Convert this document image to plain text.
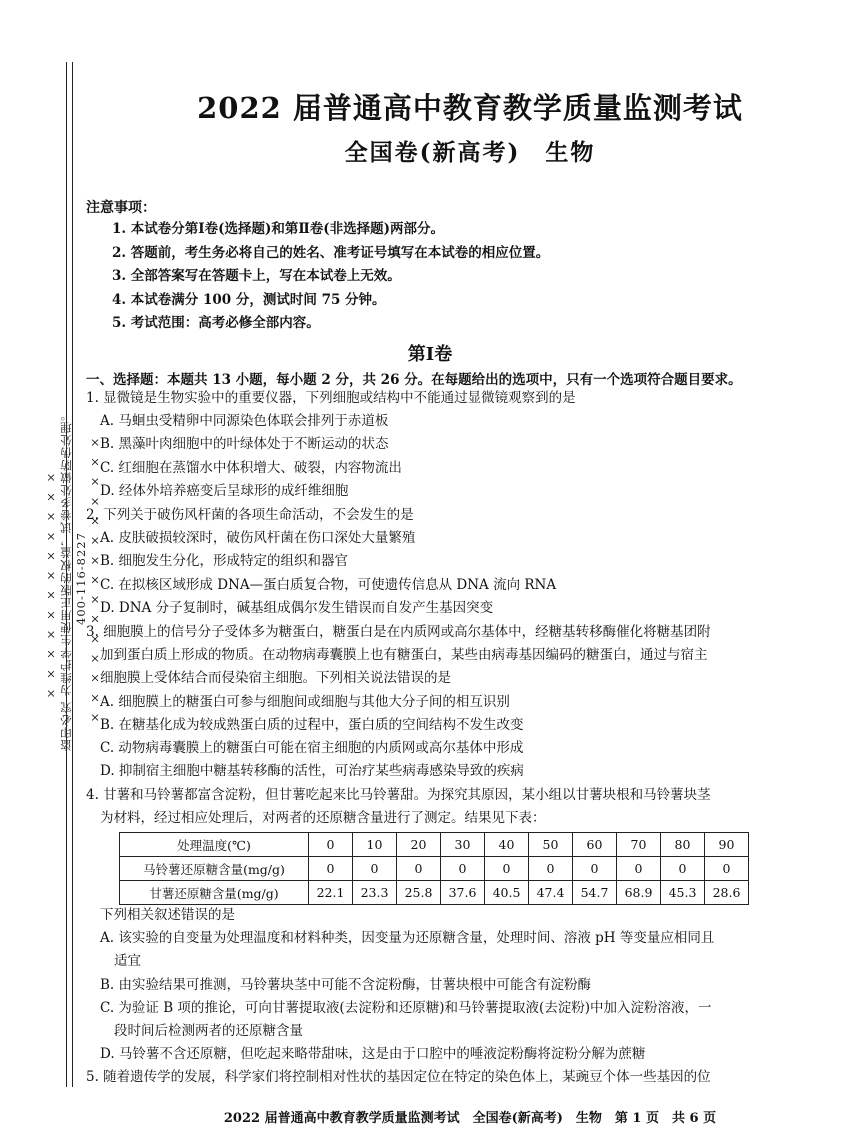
× × × × × × × × × × × × 盗印必究 为维护学生使用正版的权益，试卷多处做防伪处理。 400-116-8227 × × × × × × × × × × × × × × ×
2022 届普通高中教育教学质量监测考试
全国卷(新高考)　生物
注意事项：
1. 本试卷分第Ⅰ卷(选择题)和第Ⅱ卷(非选择题)两部分。
2. 答题前，考生务必将自己的姓名、准考证号填写在本试卷的相应位置。
3. 全部答案写在答题卡上，写在本试卷上无效。
4. 本试卷满分 100 分，测试时间 75 分钟。
5. 考试范围：高考必修全部内容。
第Ⅰ卷
一、选择题：本题共 13 小题，每小题 2 分，共 26 分。在每题给出的选项中，只有一个选项符合题目要求。
1. 显微镜是生物实验中的重要仪器，下列细胞或结构中不能通过显微镜观察到的是
A. 马蛔虫受精卵中同源染色体联会排列于赤道板
B. 黑藻叶肉细胞中的叶绿体处于不断运动的状态
C. 红细胞在蒸馏水中体积增大、破裂，内容物流出
D. 经体外培养癌变后呈球形的成纤维细胞
2. 下列关于破伤风杆菌的各项生命活动，不会发生的是
A. 皮肤破损较深时，破伤风杆菌在伤口深处大量繁殖
B. 细胞发生分化，形成特定的组织和器官
C. 在拟核区域形成 DNA—蛋白质复合物，可使遗传信息从 DNA 流向 RNA
D. DNA 分子复制时，碱基组成偶尔发生错误而自发产生基因突变
3. 细胞膜上的信号分子受体多为糖蛋白，糖蛋白是在内质网或高尔基体中，经糖基转移酶催化将糖基团附
加到蛋白质上形成的物质。在动物病毒囊膜上也有糖蛋白，某些由病毒基因编码的糖蛋白，通过与宿主
细胞膜上受体结合而侵染宿主细胞。下列相关说法错误的是
A. 细胞膜上的糖蛋白可参与细胞间或细胞与其他大分子间的相互识别
B. 在糖基化成为较成熟蛋白质的过程中，蛋白质的空间结构不发生改变
C. 动物病毒囊膜上的糖蛋白可能在宿主细胞的内质网或高尔基体中形成
D. 抑制宿主细胞中糖基转移酶的活性，可治疗某些病毒感染导致的疾病
4. 甘薯和马铃薯都富含淀粉，但甘薯吃起来比马铃薯甜。为探究其原因，某小组以甘薯块根和马铃薯块茎
为材料，经过相应处理后，对两者的还原糖含量进行了测定。结果见下表：
处理温度(℃)	0	10	20	30	40	50	60	70	80	90
马铃薯还原糖含量(mg/g)	0	0	0	0	0	0	0	0	0	0
甘薯还原糖含量(mg/g)	22.1	23.3	25.8	37.6	40.5	47.4	54.7	68.9	45.3	28.6
下列相关叙述错误的是
A. 该实验的自变量为处理温度和材料种类，因变量为还原糖含量，处理时间、溶液 pH 等变量应相同且
适宜
B. 由实验结果可推测，马铃薯块茎中可能不含淀粉酶，甘薯块根中可能含有淀粉酶
C. 为验证 B 项的推论，可向甘薯提取液(去淀粉和还原糖)和马铃薯提取液(去淀粉)中加入淀粉溶液，一
段时间后检测两者的还原糖含量
D. 马铃薯不含还原糖，但吃起来略带甜味，这是由于口腔中的唾液淀粉酶将淀粉分解为蔗糖
5. 随着遗传学的发展，科学家们将控制相对性状的基因定位在特定的染色体上，某豌豆个体一些基因的位
2022 届普通高中教育教学质量监测考试　全国卷(新高考)　生物　第 1 页　共 6 页
